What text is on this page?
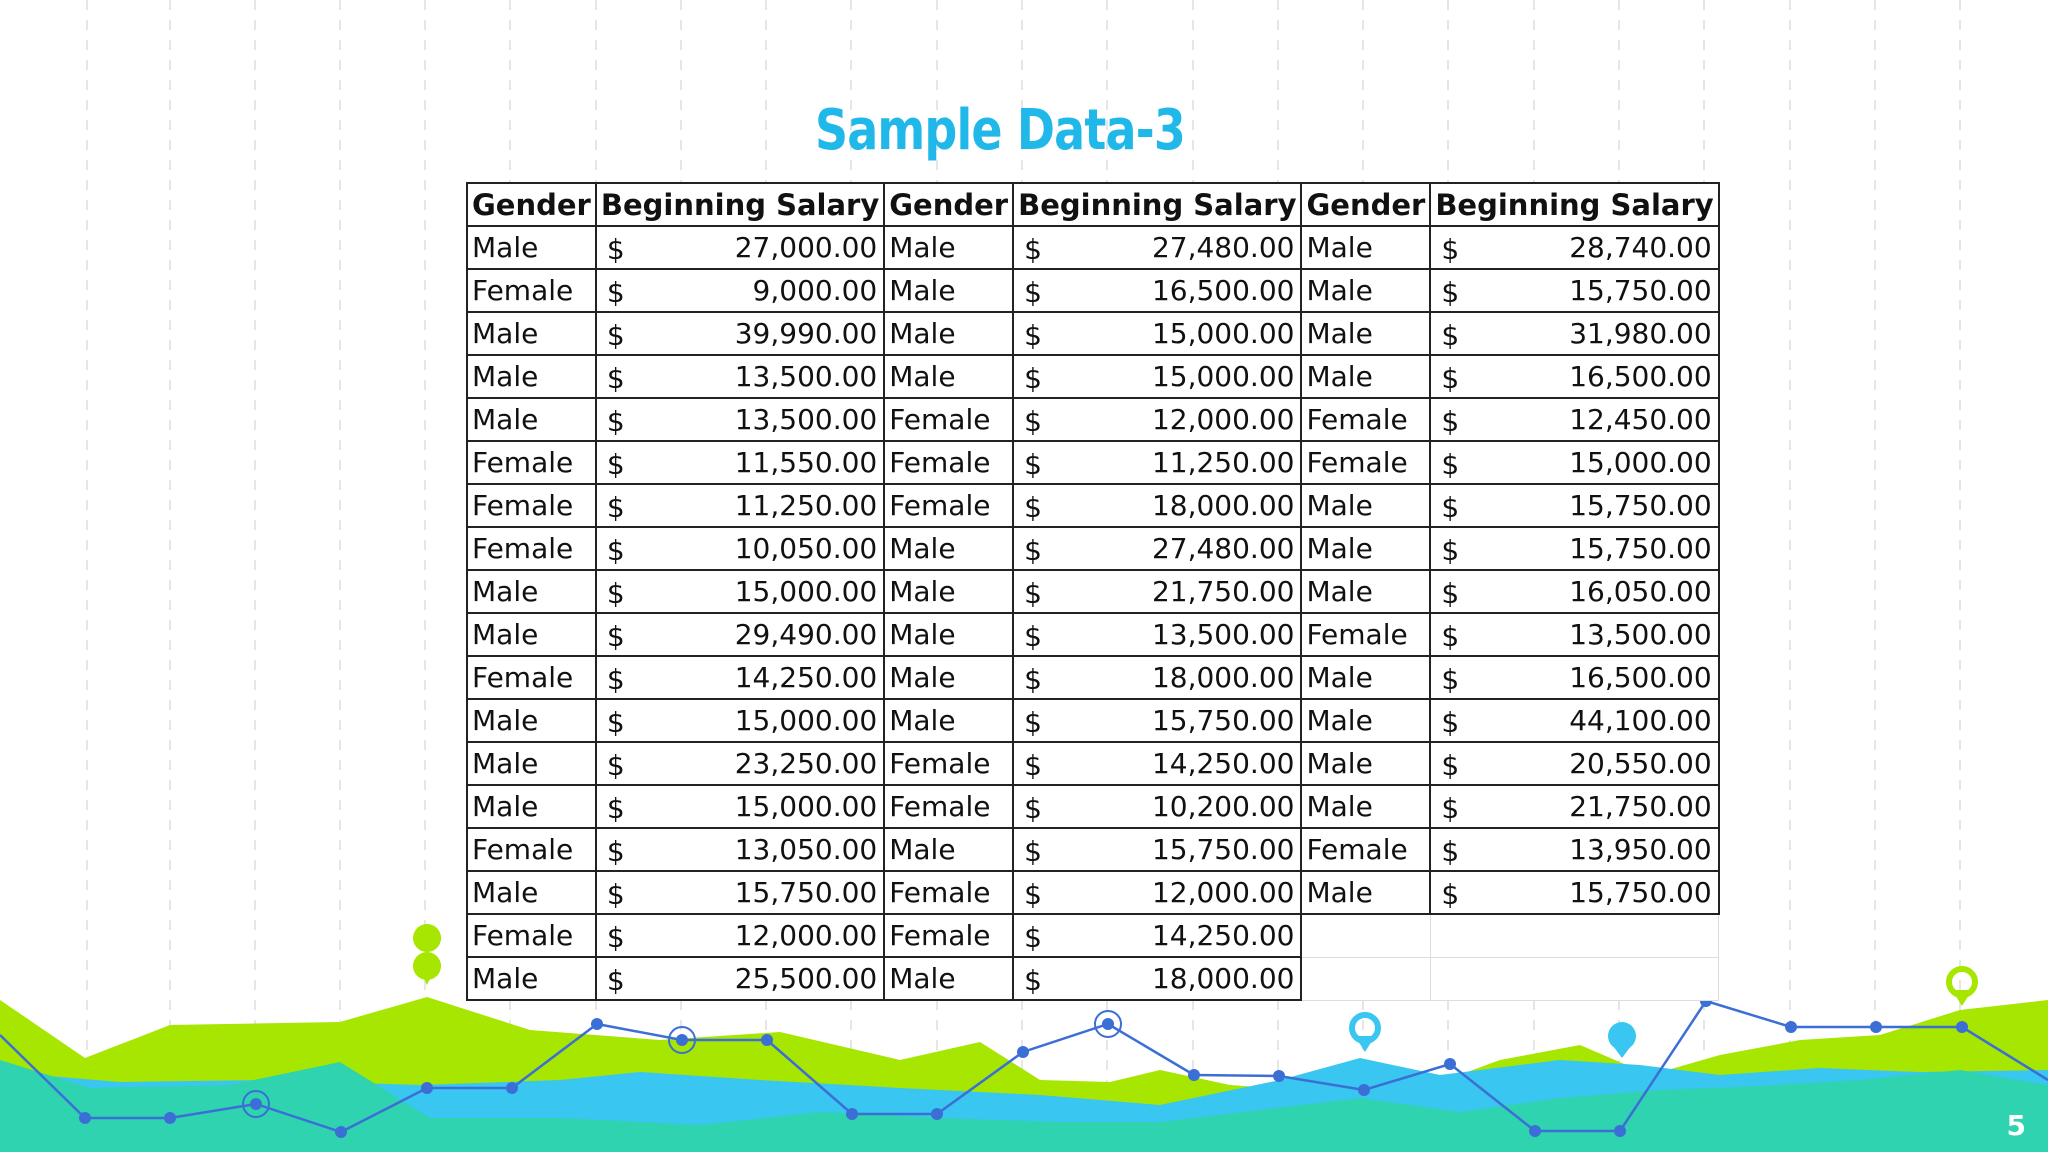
Sample Data-3
Gender	Beginning Salary	Gender	Beginning Salary	Gender	Beginning Salary
Male	$ 27,000.00	Male	$ 27,480.00	Male	$ 28,740.00

Female	$ 9,000.00	Male	$ 16,500.00	Male	$ 15,750.00

Male	$ 39,990.00	Male	$ 15,000.00	Male	$ 31,980.00

Male	$ 13,500.00	Male	$ 15,000.00	Male	$ 16,500.00

Male	$ 13,500.00	Female	$ 12,000.00	Female	$ 12,450.00

Female	$ 11,550.00	Female	$ 11,250.00	Female	$ 15,000.00

Female	$ 11,250.00	Female	$ 18,000.00	Male	$ 15,750.00

Female	$ 10,050.00	Male	$ 27,480.00	Male	$ 15,750.00

Male	$ 15,000.00	Male	$ 21,750.00	Male	$ 16,050.00

Male	$ 29,490.00	Male	$ 13,500.00	Female	$ 13,500.00

Female	$ 14,250.00	Male	$ 18,000.00	Male	$ 16,500.00

Male	$ 15,000.00	Male	$ 15,750.00	Male	$ 44,100.00

Male	$ 23,250.00	Female	$ 14,250.00	Male	$ 20,550.00

Male	$ 15,000.00	Female	$ 10,200.00	Male	$ 21,750.00

Female	$ 13,050.00	Male	$ 15,750.00	Female	$ 13,950.00

Male	$ 15,750.00	Female	$ 12,000.00	Male	$ 15,750.00

Female	$ 12,000.00	Female	$ 14,250.00		

Male	$ 25,500.00	Male	$ 18,000.00		

5
